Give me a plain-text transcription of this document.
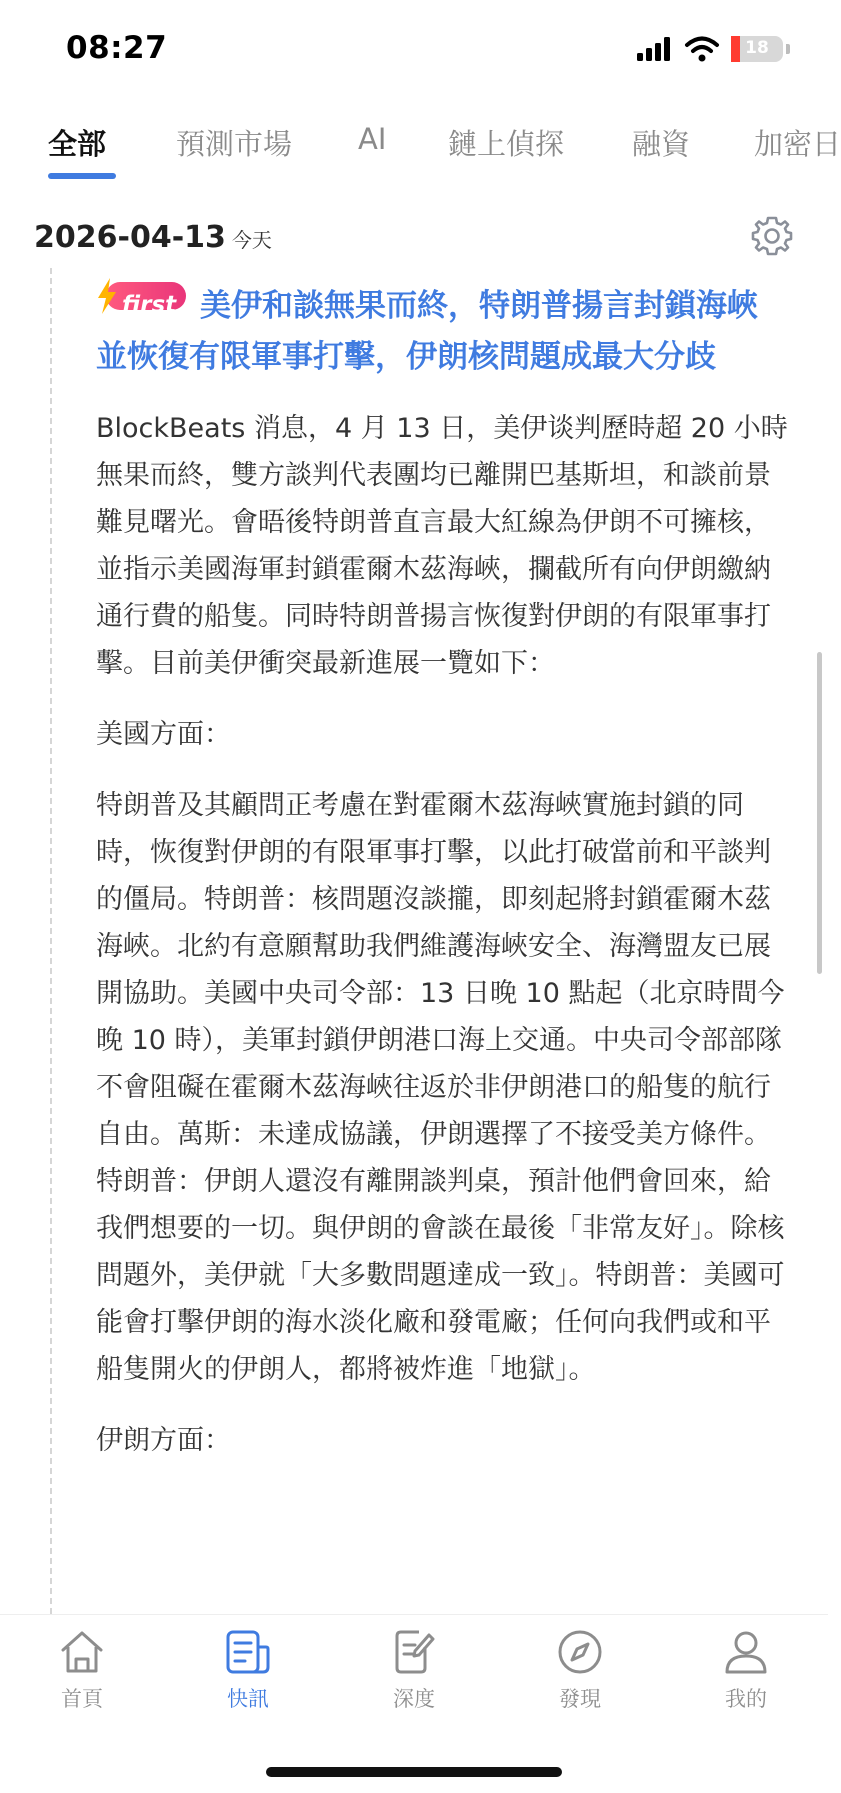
08:27	18
全部 預測市場 AI 鏈上偵探 融資 加密日
2026-04-13 今天
first 美伊和談無果而終，特朗普揚言封鎖海峽並恢復有限軍事打擊，伊朗核問題成最大分歧

BlockBeats 消息，4 月 13 日，美伊谈判歷時超 20 小時無果而終，雙方談判代表團均已離開巴基斯坦，和談前景難見曙光。會晤後特朗普直言最大紅線為伊朗不可擁核，並指示美國海軍封鎖霍爾木茲海峽，攔截所有向伊朗繳納通行費的船隻。同時特朗普揚言恢復對伊朗的有限軍事打擊。目前美伊衝突最新進展一覽如下：

美國方面：

特朗普及其顧問正考慮在對霍爾木茲海峽實施封鎖的同時，恢復對伊朗的有限軍事打擊，以此打破當前和平談判的僵局。特朗普：核問題沒談攏，即刻起將封鎖霍爾木茲海峽。北約有意願幫助我們維護海峽安全、海灣盟友已展開協助。美國中央司令部：13 日晚 10 點起（北京時間今晚 10 時），美軍封鎖伊朗港口海上交通。中央司令部部隊不會阻礙在霍爾木茲海峽往返於非伊朗港口的船隻的航行自由。萬斯：未達成協議，伊朗選擇了不接受美方條件。特朗普：伊朗人還沒有離開談判桌，預計他們會回來，給我們想要的一切。與伊朗的會談在最後「非常友好」。除核問題外，美伊就「大多數問題達成一致」。特朗普：美國可能會打擊伊朗的海水淡化廠和發電廠；任何向我們或和平船隻開火的伊朗人，都將被炸進「地獄」。

伊朗方面：

首頁	快訊	深度	發現	我的
